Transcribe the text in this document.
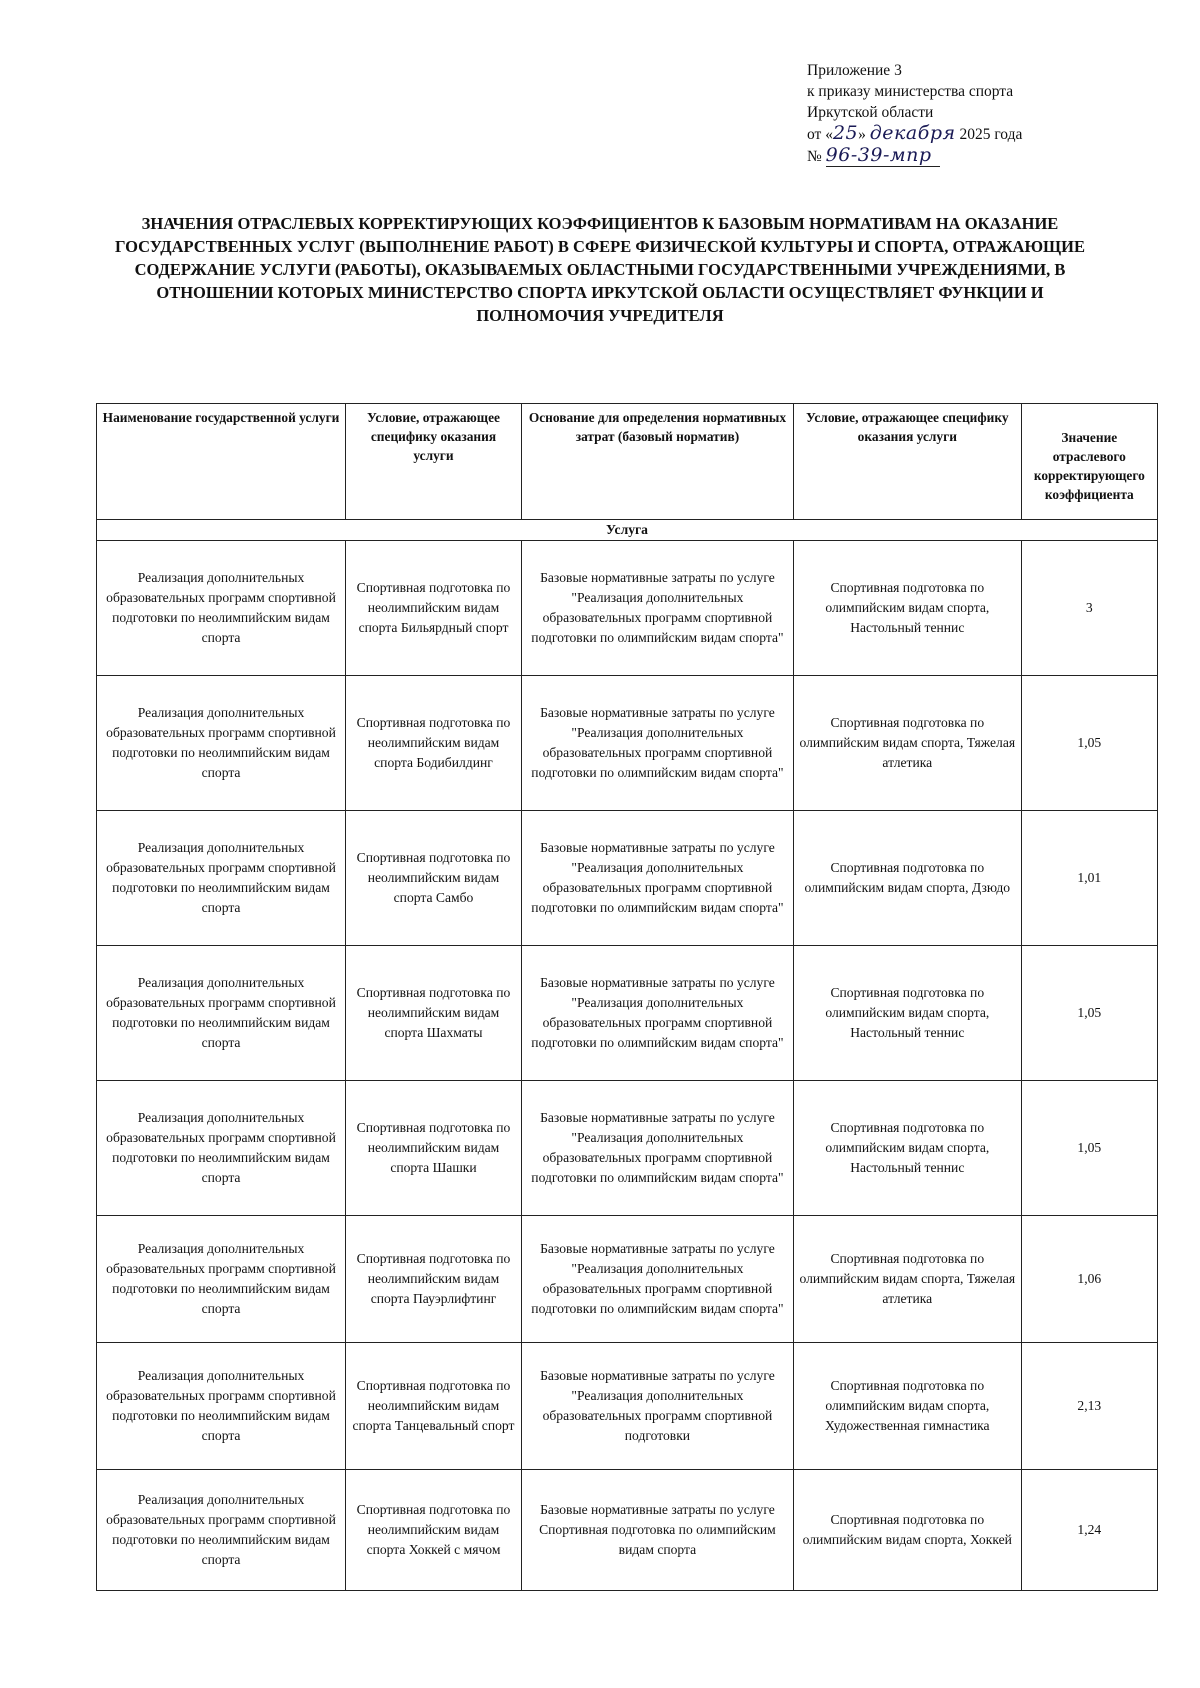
Приложение 3
к приказу министерства спорта
Иркутской области
от «25» декабря 2025 года
№ 96-39-мпр
ЗНАЧЕНИЯ ОТРАСЛЕВЫХ КОРРЕКТИРУЮЩИХ КОЭФФИЦИЕНТОВ К БАЗОВЫМ НОРМАТИВАМ НА ОКАЗАНИЕ ГОСУДАРСТВЕННЫХ УСЛУГ (ВЫПОЛНЕНИЕ РАБОТ) В СФЕРЕ ФИЗИЧЕСКОЙ КУЛЬТУРЫ И СПОРТА, ОТРАЖАЮЩИЕ СОДЕРЖАНИЕ УСЛУГИ (РАБОТЫ), ОКАЗЫВАЕМЫХ ОБЛАСТНЫМИ ГОСУДАРСТВЕННЫМИ УЧРЕЖДЕНИЯМИ, В ОТНОШЕНИИ КОТОРЫХ МИНИСТЕРСТВО СПОРТА ИРКУТСКОЙ ОБЛАСТИ ОСУЩЕСТВЛЯЕТ ФУНКЦИИ И ПОЛНОМОЧИЯ УЧРЕДИТЕЛЯ
Наименование государственной услуги	Условие, отражающее специфику оказания услуги	Основание для определения нормативных затрат (базовый норматив)	Условие, отражающее специфику оказания услуги	Значение отраслевого корректирующего коэффициента
Услуга				
Реализация дополнительных образовательных программ спортивной подготовки по неолимпийским видам спорта	Спортивная подготовка по неолимпийским видам спорта Бильярдный спорт	Базовые нормативные затраты по услуге "Реализация дополнительных образовательных программ спортивной подготовки по олимпийским видам спорта"	Спортивная подготовка по олимпийским видам спорта, Настольный теннис	3
Реализация дополнительных образовательных программ спортивной подготовки по неолимпийским видам спорта	Спортивная подготовка по неолимпийским видам спорта Бодибилдинг	Базовые нормативные затраты по услуге "Реализация дополнительных образовательных программ спортивной подготовки по олимпийским видам спорта"	Спортивная подготовка по олимпийским видам спорта, Тяжелая атлетика	1,05
Реализация дополнительных образовательных программ спортивной подготовки по неолимпийским видам спорта	Спортивная подготовка по неолимпийским видам спорта Самбо	Базовые нормативные затраты по услуге "Реализация дополнительных образовательных программ спортивной подготовки по олимпийским видам спорта"	Спортивная подготовка по олимпийским видам спорта, Дзюдо	1,01
Реализация дополнительных образовательных программ спортивной подготовки по неолимпийским видам спорта	Спортивная подготовка по неолимпийским видам спорта Шахматы	Базовые нормативные затраты по услуге "Реализация дополнительных образовательных программ спортивной подготовки по олимпийским видам спорта"	Спортивная подготовка по олимпийским видам спорта, Настольный теннис	1,05
Реализация дополнительных образовательных программ спортивной подготовки по неолимпийским видам спорта	Спортивная подготовка по неолимпийским видам спорта Шашки	Базовые нормативные затраты по услуге "Реализация дополнительных образовательных программ спортивной подготовки по олимпийским видам спорта"	Спортивная подготовка по олимпийским видам спорта, Настольный теннис	1,05
Реализация дополнительных образовательных программ спортивной подготовки по неолимпийским видам спорта	Спортивная подготовка по неолимпийским видам спорта Пауэрлифтинг	Базовые нормативные затраты по услуге "Реализация дополнительных образовательных программ спортивной подготовки по олимпийским видам спорта"	Спортивная подготовка по олимпийским видам спорта, Тяжелая атлетика	1,06
Реализация дополнительных образовательных программ спортивной подготовки по неолимпийским видам спорта	Спортивная подготовка по неолимпийским видам спорта Танцевальный спорт	Базовые нормативные затраты по услуге "Реализация дополнительных образовательных программ спортивной подготовки	Спортивная подготовка по олимпийским видам спорта, Художественная гимнастика	2,13
Реализация дополнительных образовательных программ спортивной подготовки по неолимпийским видам спорта	Спортивная подготовка по неолимпийским видам спорта Хоккей с мячом	Базовые нормативные затраты по услуге Спортивная подготовка по олимпийским видам спорта	Спортивная подготовка по олимпийским видам спорта, Хоккей	1,24
